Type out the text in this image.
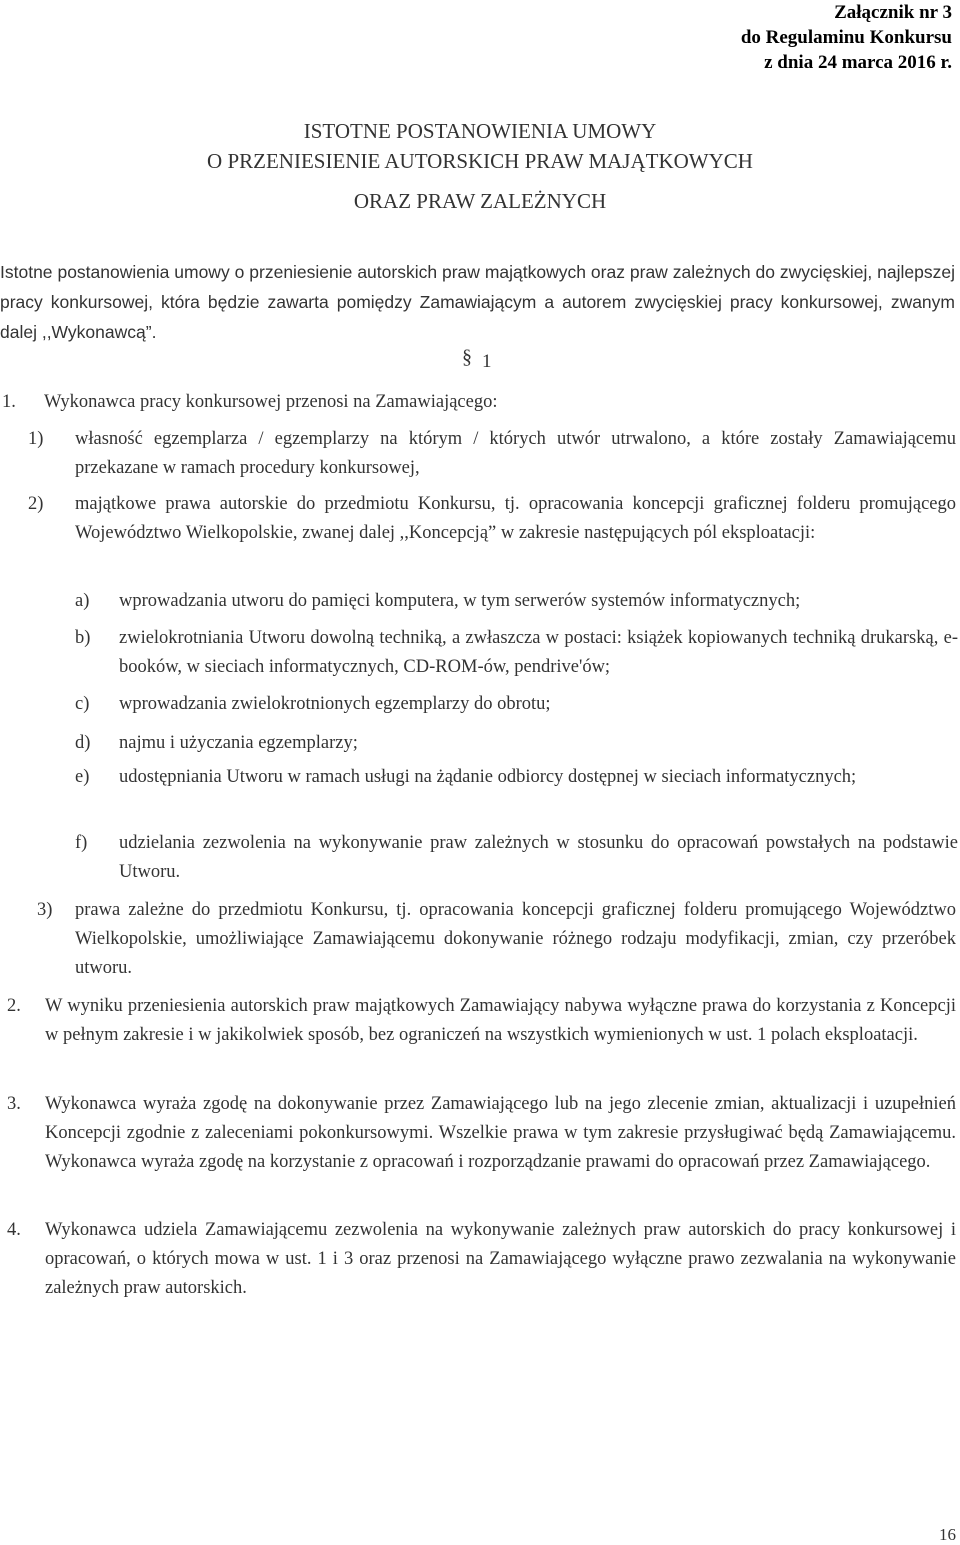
Załącznik nr 3
do Regulaminu Konkursu
z dnia 24 marca 2016 r.
ISTOTNE POSTANOWIENIA UMOWY
O PRZENIESIENIE AUTORSKICH PRAW MAJĄTKOWYCH
ORAZ PRAW ZALEŻNYCH
Istotne postanowienia umowy o przeniesienie autorskich praw majątkowych oraz praw zależnych do zwycięskiej, najlepszej pracy konkursowej, która będzie zawarta pomiędzy Zamawiającym a autorem zwycięskiej pracy konkursowej, zwanym dalej ,,Wykonawcą”.
§ 1
1. Wykonawca pracy konkursowej przenosi na Zamawiającego:
1) własność egzemplarza / egzemplarzy na którym / których utwór utrwalono, a które zostały Zamawiającemu przekazane w ramach procedury konkursowej,
2) majątkowe prawa autorskie do przedmiotu Konkursu, tj. opracowania koncepcji graficznej folderu promującego Województwo Wielkopolskie, zwanej dalej ,,Koncepcją” w zakresie następujących pól eksploatacji:
a) wprowadzania utworu do pamięci komputera, w tym serwerów systemów informatycznych;
b) zwielokrotniania Utworu dowolną techniką, a zwłaszcza w postaci: książek kopiowanych techniką drukarską, e-booków, w sieciach informatycznych, CD-ROM-ów, pendrive'ów;
c) wprowadzania zwielokrotnionych egzemplarzy do obrotu;
d) najmu i użyczania egzemplarzy;
e) udostępniania Utworu w ramach usługi na żądanie odbiorcy dostępnej w sieciach informatycznych;
f) udzielania zezwolenia na wykonywanie praw zależnych w stosunku do opracowań powstałych na podstawie Utworu.
3) prawa zależne do przedmiotu Konkursu, tj. opracowania koncepcji graficznej folderu promującego Województwo Wielkopolskie, umożliwiające Zamawiającemu dokonywanie różnego rodzaju modyfikacji, zmian, czy przeróbek utworu.
2. W wyniku przeniesienia autorskich praw majątkowych Zamawiający nabywa wyłączne prawa do korzystania z Koncepcji w pełnym zakresie i w jakikolwiek sposób, bez ograniczeń na wszystkich wymienionych w ust. 1 polach eksploatacji.
3. Wykonawca wyraża zgodę na dokonywanie przez Zamawiającego lub na jego zlecenie zmian, aktualizacji i uzupełnień Koncepcji zgodnie z zaleceniami pokonkursowymi. Wszelkie prawa w tym zakresie przysługiwać będą Zamawiającemu. Wykonawca wyraża zgodę na korzystanie z opracowań i rozporządzanie prawami do opracowań przez Zamawiającego.
4. Wykonawca udziela Zamawiającemu zezwolenia na wykonywanie zależnych praw autorskich do pracy konkursowej i opracowań, o których mowa w ust. 1 i 3 oraz przenosi na Zamawiającego wyłączne prawo zezwalania na wykonywanie zależnych praw autorskich.
16
